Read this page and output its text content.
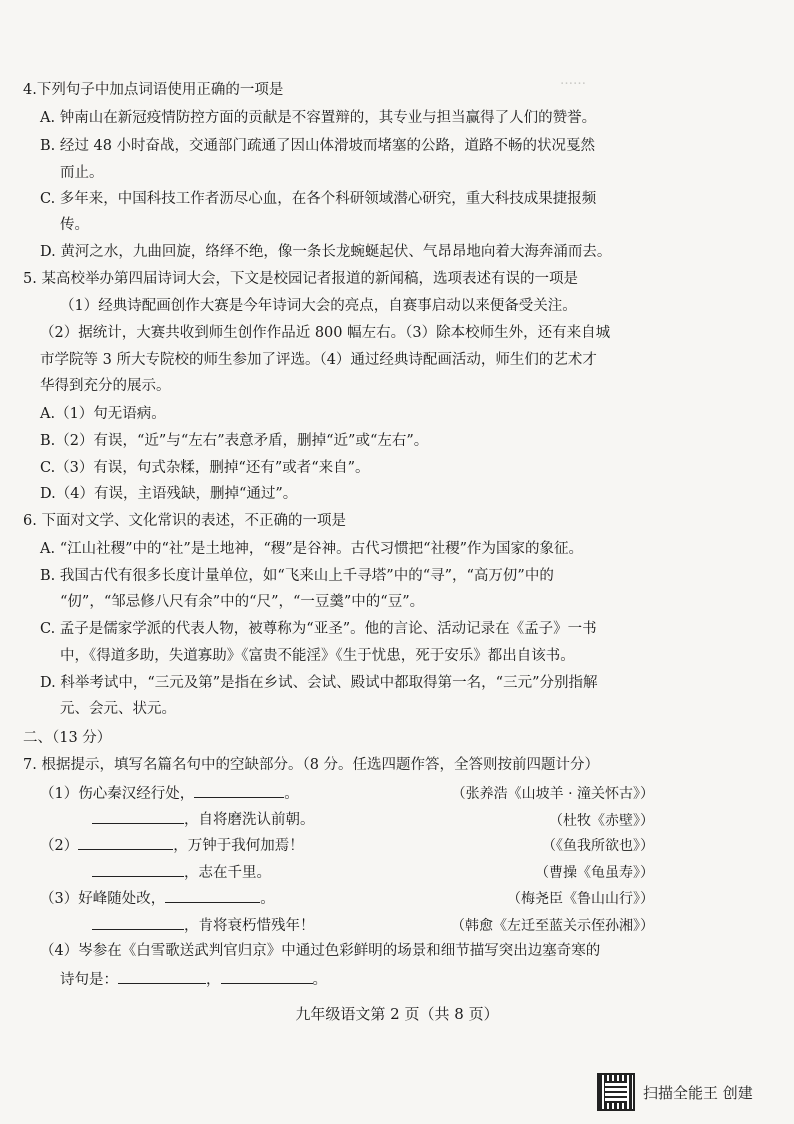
……
4.下列句子中加点词语使用正确的一项是
A. 钟南山在新冠疫情防控方面的贡献是不容置辩的，其专业与担当赢得了人们的赞誉。
B. 经过 48 小时奋战，交通部门疏通了因山体滑坡而堵塞的公路，道路不畅的状况戛然
而止。
C. 多年来，中国科技工作者沥尽心血，在各个科研领域潜心研究，重大科技成果捷报频
传。
D. 黄河之水，九曲回旋，络绎不绝，像一条长龙蜿蜒起伏、气昂昂地向着大海奔涌而去。
5. 某高校举办第四届诗词大会，下文是校园记者报道的新闻稿，选项表述有误的一项是
（1）经典诗配画创作大赛是今年诗词大会的亮点，自赛事启动以来便备受关注。
（2）据统计，大赛共收到师生创作作品近 800 幅左右。（3）除本校师生外，还有来自城
市学院等 3 所大专院校的师生参加了评选。（4）通过经典诗配画活动，师生们的艺术才
华得到充分的展示。
A.（1）句无语病。
B.（2）有误，“近”与“左右”表意矛盾，删掉“近”或“左右”。
C.（3）有误，句式杂糅，删掉“还有”或者“来自”。
D.（4）有误，主语残缺，删掉“通过”。
6. 下面对文学、文化常识的表述，不正确的一项是
A. “江山社稷”中的“社”是土地神，“稷”是谷神。古代习惯把“社稷”作为国家的象征。
B. 我国古代有很多长度计量单位，如“飞来山上千寻塔”中的“寻”，“高万仞”中的
“仞”，“邹忌修八尺有余”中的“尺”，“一豆羹”中的“豆”。
C. 孟子是儒家学派的代表人物，被尊称为“亚圣”。他的言论、活动记录在《孟子》一书
中，《得道多助，失道寡助》《富贵不能淫》《生于忧患，死于安乐》都出自该书。
D. 科举考试中，“三元及第”是指在乡试、会试、殿试中都取得第一名，“三元”分别指解
元、会元、状元。
二、（13 分）
7. 根据提示，填写名篇名句中的空缺部分。（8 分。任选四题作答，全答则按前四题计分）
（1）伤心秦汉经行处，	。	（张养浩《山坡羊 · 潼关怀古》）
，自将磨洗认前朝。	（杜牧《赤壁》）
（2）	，万钟于我何加焉！	（《鱼我所欲也》）
，志在千里。	（曹操《龟虽寿》）
（3）好峰随处改，	。	（梅尧臣《鲁山山行》）
，肯将衰朽惜残年！	（韩愈《左迁至蓝关示侄孙湘》）
（4）岑参在《白雪歌送武判官归京》中通过色彩鲜明的场景和细节描写突出边塞奇寒的
诗句是：	，	。
九年级语文第 2 页（共 8 页）
扫描全能王 创建
